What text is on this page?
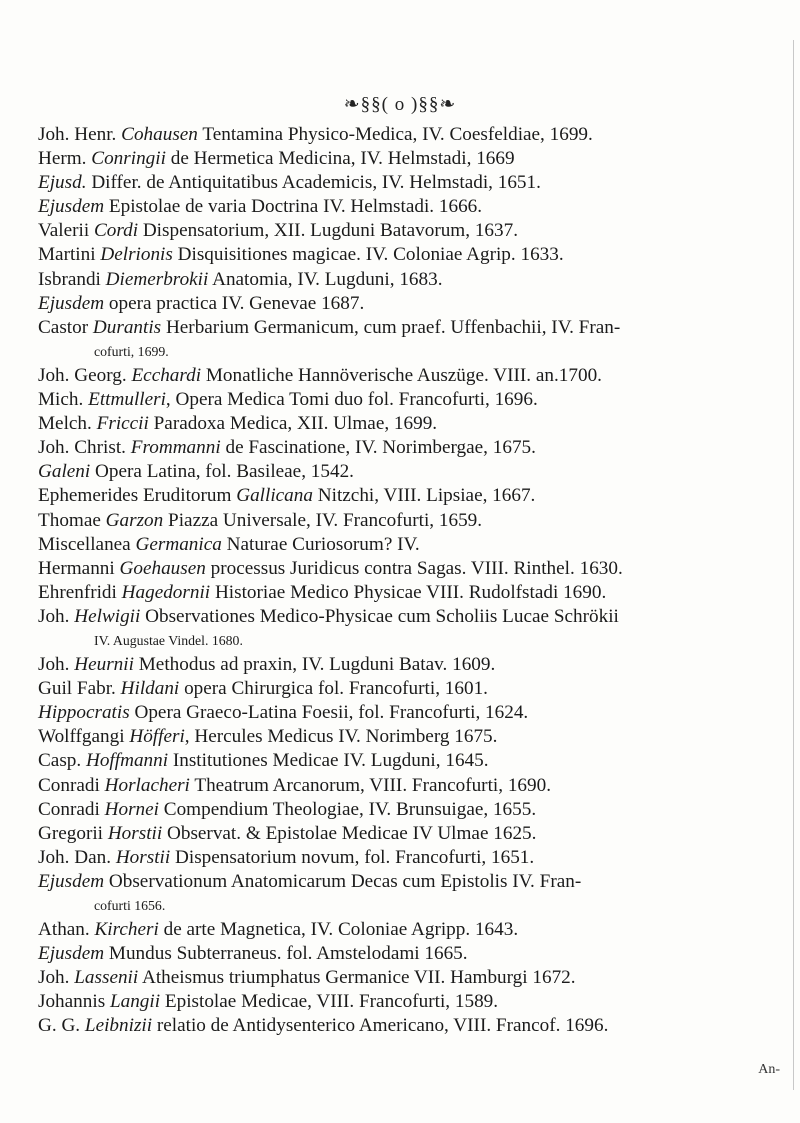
❧§§( o )§§❧
Joh. Henr. Cohausen Tentamina Physico-Medica, IV. Coesfeldiae, 1699.
Herm. Conringii de Hermetica Medicina, IV. Helmstadi, 1669
Ejusd. Differ. de Antiquitatibus Academicis, IV. Helmstadi, 1651.
Ejusdem Epistolae de varia Doctrina IV. Helmstadi. 1666.
Valerii Cordi Dispensatorium, XII. Lugduni Batavorum, 1637.
Martini Delrionis Disquisitiones magicae. IV. Coloniae Agrip. 1633.
Isbrandi Diemerbrokii Anatomia, IV. Lugduni, 1683.
Ejusdem opera practica IV. Genevae 1687.
Castor Durantis Herbarium Germanicum, cum praef. Uffenbachii, IV. Fran-
cofurti, 1699.
Joh. Georg. Ecchardi Monatliche Hannöverische Auszüge. VIII. an.1700.
Mich. Ettmulleri, Opera Medica Tomi duo fol. Francofurti, 1696.
Melch. Friccii Paradoxa Medica, XII. Ulmae, 1699.
Joh. Christ. Frommanni de Fascinatione, IV. Norimbergae, 1675.
Galeni Opera Latina, fol. Basileae, 1542.
Ephemerides Eruditorum Gallicana Nitzchi, VIII. Lipsiae, 1667.
Thomae Garzon Piazza Universale, IV. Francofurti, 1659.
Miscellanea Germanica Naturae Curiosorum? IV.
Hermanni Goehausen processus Juridicus contra Sagas. VIII. Rinthel. 1630.
Ehrenfridi Hagedornii Historiae Medico Physicae VIII. Rudolfstadi 1690.
Joh. Helwigii Observationes Medico-Physicae cum Scholiis Lucae Schrökii
IV. Augustae Vindel. 1680.
Joh. Heurnii Methodus ad praxin, IV. Lugduni Batav. 1609.
Guil Fabr. Hildani opera Chirurgica fol. Francofurti, 1601.
Hippocratis Opera Graeco-Latina Foesii, fol. Francofurti, 1624.
Wolffgangi Höfferi, Hercules Medicus IV. Norimberg 1675.
Casp. Hoffmanni Institutiones Medicae IV. Lugduni, 1645.
Conradi Horlacheri Theatrum Arcanorum, VIII. Francofurti, 1690.
Conradi Hornei Compendium Theologiae, IV. Brunsuigae, 1655.
Gregorii Horstii Observat. & Epistolae Medicae IV Ulmae 1625.
Joh. Dan. Horstii Dispensatorium novum, fol. Francofurti, 1651.
Ejusdem Observationum Anatomicarum Decas cum Epistolis IV. Fran-
cofurti 1656.
Athan. Kircheri de arte Magnetica, IV. Coloniae Agripp. 1643.
Ejusdem Mundus Subterraneus. fol. Amstelodami 1665.
Joh. Lassenii Atheismus triumphatus Germanice VII. Hamburgi 1672.
Johannis Langii Epistolae Medicae, VIII. Francofurti, 1589.
G. G. Leibnizii relatio de Antidysenterico Americano, VIII. Francof. 1696.
An-
